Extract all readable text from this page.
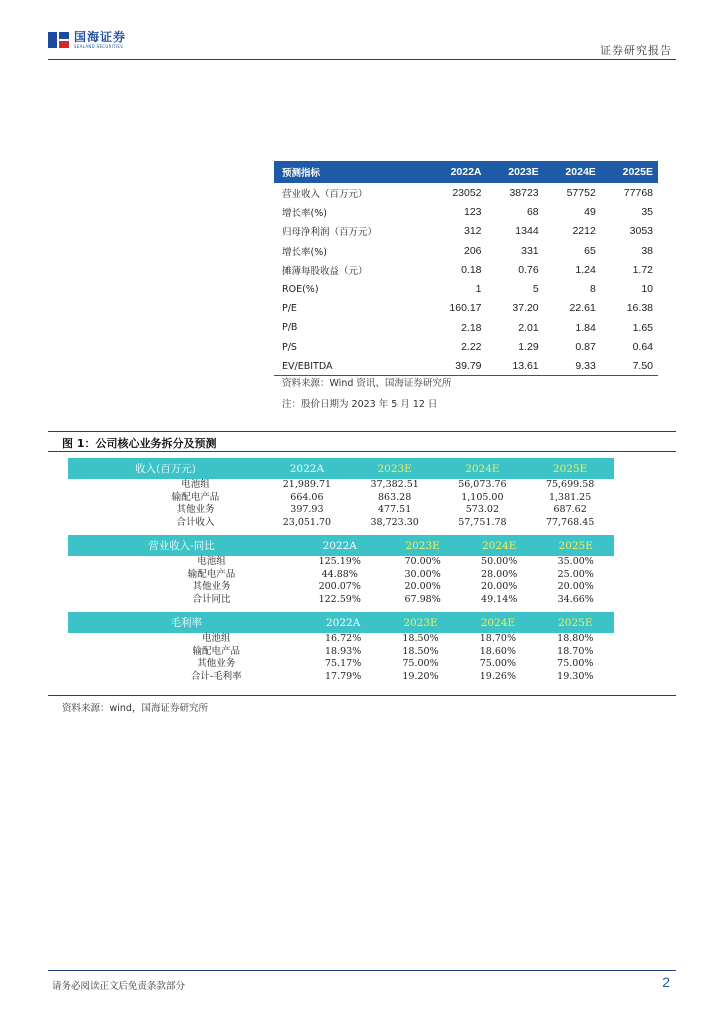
国海证券
SEALAND SECURITIES	证券研究报告
预测指标	2022A	2023E	2024E	2025E
营业收入（百万元）	23052	38723	57752	77768
增长率(%)	123	68	49	35
归母净利润（百万元）	312	1344	2212	3053
增长率(%)	206	331	65	38
摊薄每股收益（元）	0.18	0.76	1.24	1.72
ROE(%)	1	5	8	10
P/E	160.17	37.20	22.61	16.38
P/B	2.18	2.01	1.84	1.65
P/S	2.22	1.29	0.87	0.64
EV/EBITDA	39.79	13.61	9.33	7.50
资料来源：Wind 资讯、国海证券研究所
注：股价日期为 2023 年 5 月 12 日
图 1：公司核心业务拆分及预测
收入(百万元)	2022A	2023E	2024E	2025E
电池组	21,989.71	37,382.51	56,073.76	75,699.58
输配电产品	664.06	863.28	1,105.00	1,381.25
其他业务	397.93	477.51	573.02	687.62
合计收入	23,051.70	38,723.30	57,751.78	77,768.45
营业收入-同比	2022A	2023E	2024E	2025E
电池组	125.19%	70.00%	50.00%	35.00%
输配电产品	44.88%	30.00%	28.00%	25.00%
其他业务	200.07%	20.00%	20.00%	20.00%
合计同比	122.59%	67.98%	49.14%	34.66%
毛利率	2022A	2023E	2024E	2025E
电池组	16.72%	18.50%	18.70%	18.80%
输配电产品	18.93%	18.50%	18.60%	18.70%
其他业务	75.17%	75.00%	75.00%	75.00%
合计-毛利率	17.79%	19.20%	19.26%	19.30%
资料来源：wind，国海证券研究所
请务必阅读正文后免责条款部分	2
